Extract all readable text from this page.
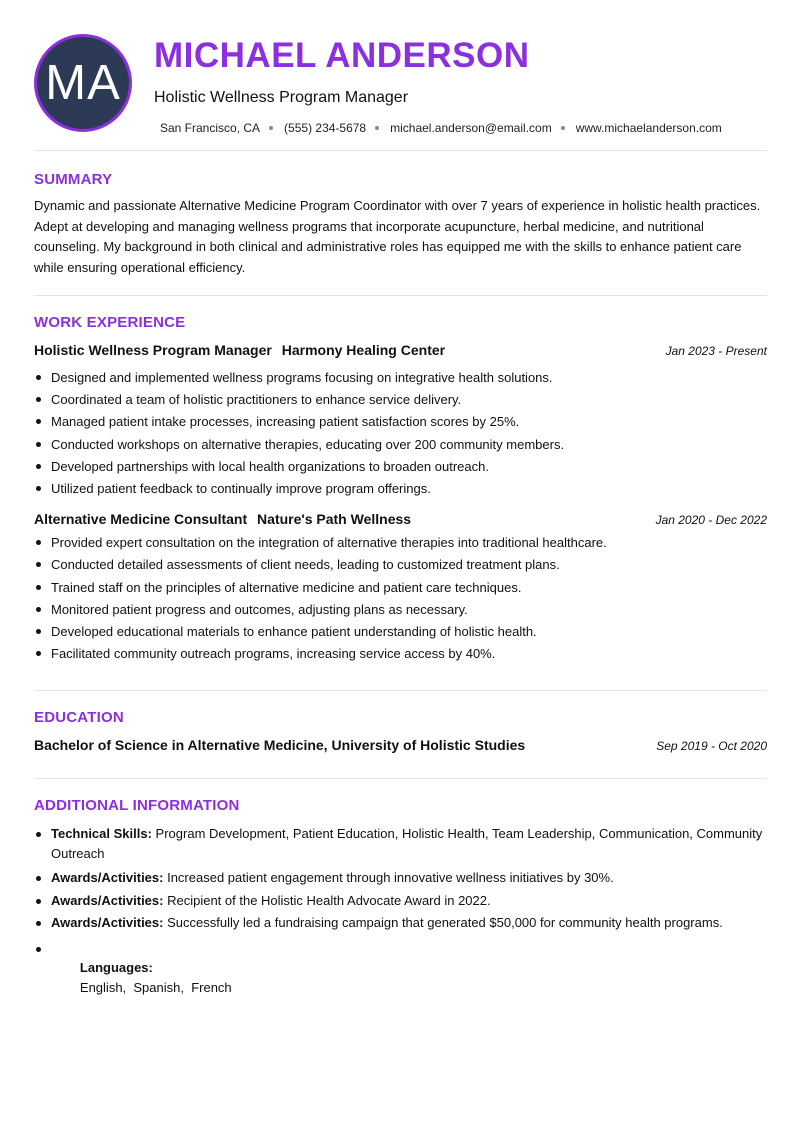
MA MICHAEL ANDERSON
Holistic Wellness Program Manager
San Francisco, CA (555) 234-5678 michael.anderson@email.com www.michaelanderson.com
SUMMARY

Dynamic and passionate Alternative Medicine Program Coordinator with over 7 years of experience in holistic health practices. Adept at developing and managing wellness programs that incorporate acupuncture, herbal medicine, and nutritional counseling. My background in both clinical and administrative roles has equipped me with the skills to enhance patient care while ensuring operational efficiency.

WORK EXPERIENCE
Holistic Wellness Program Manager Harmony Healing Center	Jan 2023 - Present
Designed and implemented wellness programs focusing on integrative health solutions.
Coordinated a team of holistic practitioners to enhance service delivery.
Managed patient intake processes, increasing patient satisfaction scores by 25%.
Conducted workshops on alternative therapies, educating over 200 community members.
Developed partnerships with local health organizations to broaden outreach.
Utilized patient feedback to continually improve program offerings.
Alternative Medicine Consultant Nature's Path Wellness	Jan 2020 - Dec 2022
Provided expert consultation on the integration of alternative therapies into traditional healthcare.
Conducted detailed assessments of client needs, leading to customized treatment plans.
Trained staff on the principles of alternative medicine and patient care techniques.
Monitored patient progress and outcomes, adjusting plans as necessary.
Developed educational materials to enhance patient understanding of holistic health.
Facilitated community outreach programs, increasing service access by 40%.
EDUCATION
Bachelor of Science in Alternative Medicine, University of Holistic Studies	Sep 2019 - Oct 2020
ADDITIONAL INFORMATION
Technical Skills: Program Development, Patient Education, Holistic Health, Team Leadership, Communication, Community Outreach
Awards/Activities: Increased patient engagement through innovative wellness initiatives by 30%.
Awards/Activities: Recipient of the Holistic Health Advocate Award in 2022.
Awards/Activities: Successfully led a fundraising campaign that generated $50,000 for community health programs.

Languages:
English,  Spanish,  French
